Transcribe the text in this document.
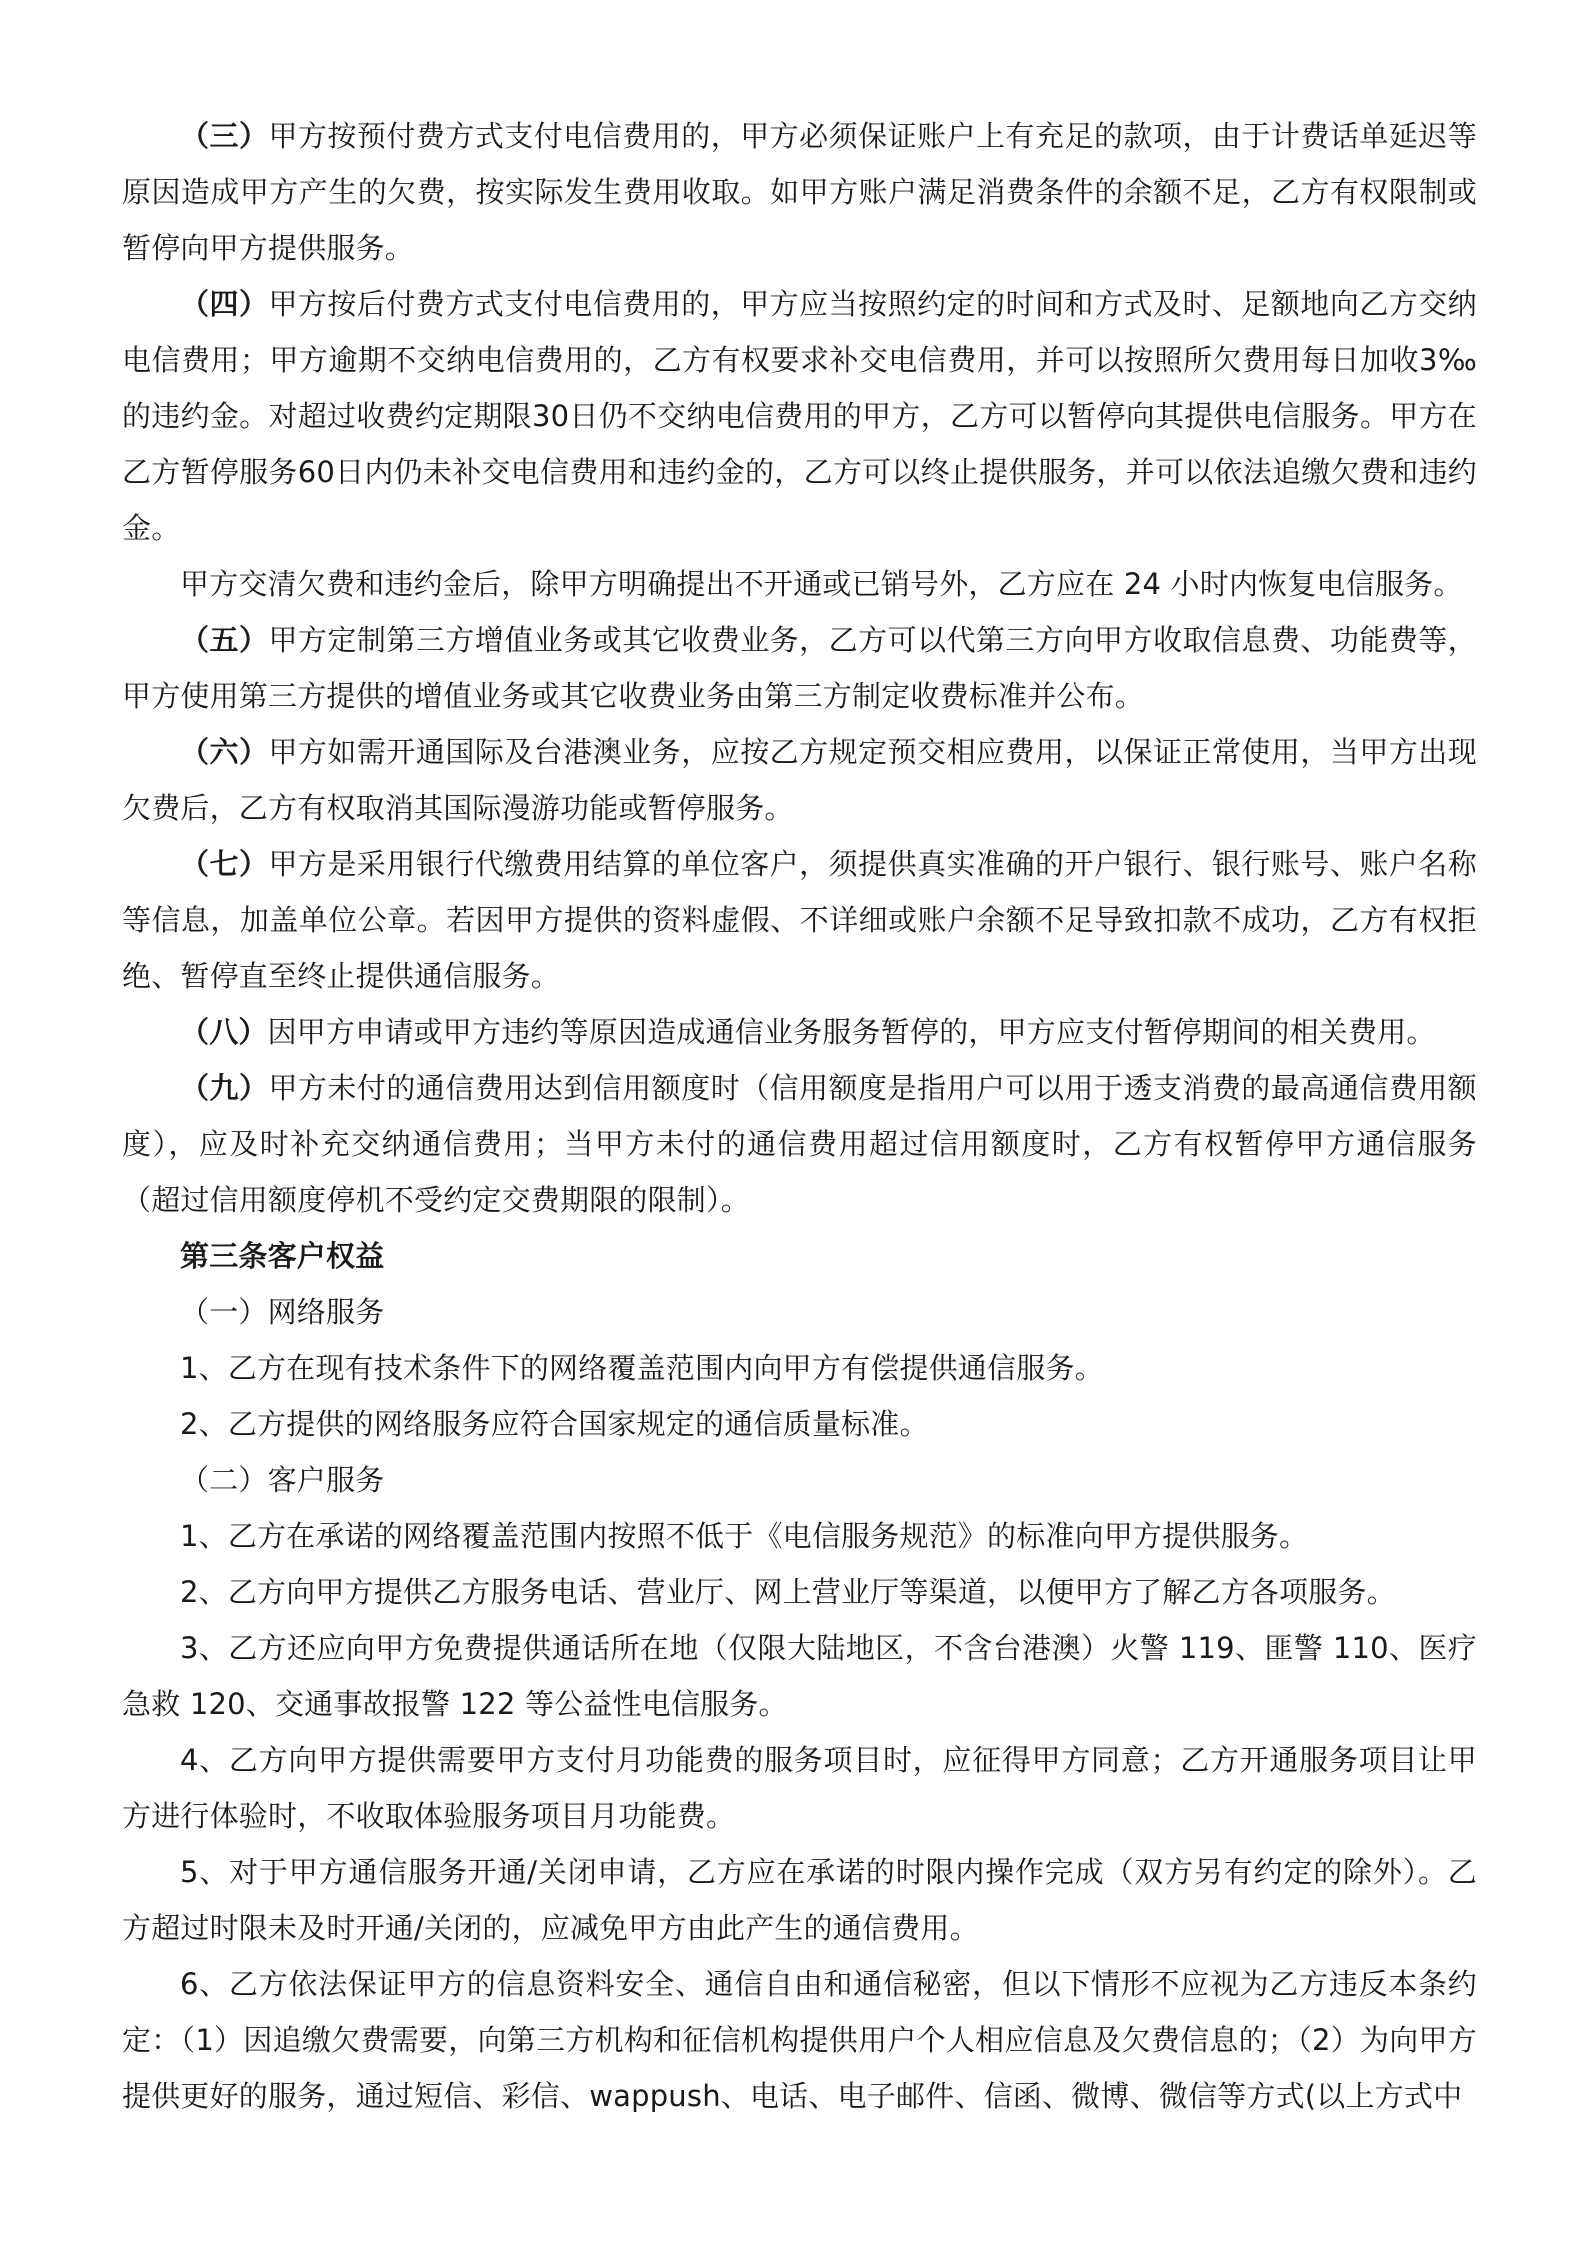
（三）甲方按预付费方式支付电信费用的，甲方必须保证账户上有充足的款项，由于计费话单延迟等原因造成甲方产生的欠费，按实际发生费用收取。如甲方账户满足消费条件的余额不足，乙方有权限制或暂停向甲方提供服务。

（四）甲方按后付费方式支付电信费用的，甲方应当按照约定的时间和方式及时、足额地向乙方交纳电信费用；甲方逾期不交纳电信费用的，乙方有权要求补交电信费用，并可以按照所欠费用每日加收3‰的违约金。对超过收费约定期限30日仍不交纳电信费用的甲方，乙方可以暂停向其提供电信服务。甲方在乙方暂停服务60日内仍未补交电信费用和违约金的，乙方可以终止提供服务，并可以依法追缴欠费和违约金。

甲方交清欠费和违约金后，除甲方明确提出不开通或已销号外，乙方应在 24 小时内恢复电信服务。

（五）甲方定制第三方增值业务或其它收费业务，乙方可以代第三方向甲方收取信息费、功能费等，甲方使用第三方提供的增值业务或其它收费业务由第三方制定收费标准并公布。

（六）甲方如需开通国际及台港澳业务，应按乙方规定预交相应费用，以保证正常使用，当甲方出现欠费后，乙方有权取消其国际漫游功能或暂停服务。

（七）甲方是采用银行代缴费用结算的单位客户，须提供真实准确的开户银行、银行账号、账户名称等信息，加盖单位公章。若因甲方提供的资料虚假、不详细或账户余额不足导致扣款不成功，乙方有权拒绝、暂停直至终止提供通信服务。

（八）因甲方申请或甲方违约等原因造成通信业务服务暂停的，甲方应支付暂停期间的相关费用。

（九）甲方未付的通信费用达到信用额度时（信用额度是指用户可以用于透支消费的最高通信费用额度），应及时补充交纳通信费用；当甲方未付的通信费用超过信用额度时，乙方有权暂停甲方通信服务（超过信用额度停机不受约定交费期限的限制）。

第三条客户权益

（一）网络服务

1、乙方在现有技术条件下的网络覆盖范围内向甲方有偿提供通信服务。

2、乙方提供的网络服务应符合国家规定的通信质量标准。

（二）客户服务

1、乙方在承诺的网络覆盖范围内按照不低于《电信服务规范》的标准向甲方提供服务。

2、乙方向甲方提供乙方服务电话、营业厅、网上营业厅等渠道，以便甲方了解乙方各项服务。

3、乙方还应向甲方免费提供通话所在地（仅限大陆地区，不含台港澳）火警 119、匪警 110、医疗急救 120、交通事故报警 122 等公益性电信服务。

4、乙方向甲方提供需要甲方支付月功能费的服务项目时，应征得甲方同意；乙方开通服务项目让甲方进行体验时，不收取体验服务项目月功能费。

5、对于甲方通信服务开通/关闭申请，乙方应在承诺的时限内操作完成（双方另有约定的除外）。乙方超过时限未及时开通/关闭的，应减免甲方由此产生的通信费用。

6、乙方依法保证甲方的信息资料安全、通信自由和通信秘密，但以下情形不应视为乙方违反本条约定：（1）因追缴欠费需要，向第三方机构和征信机构提供用户个人相应信息及欠费信息的；（2）为向甲方提供更好的服务，通过短信、彩信、wappush、电话、电子邮件、信函、微博、微信等方式(以上方式中
